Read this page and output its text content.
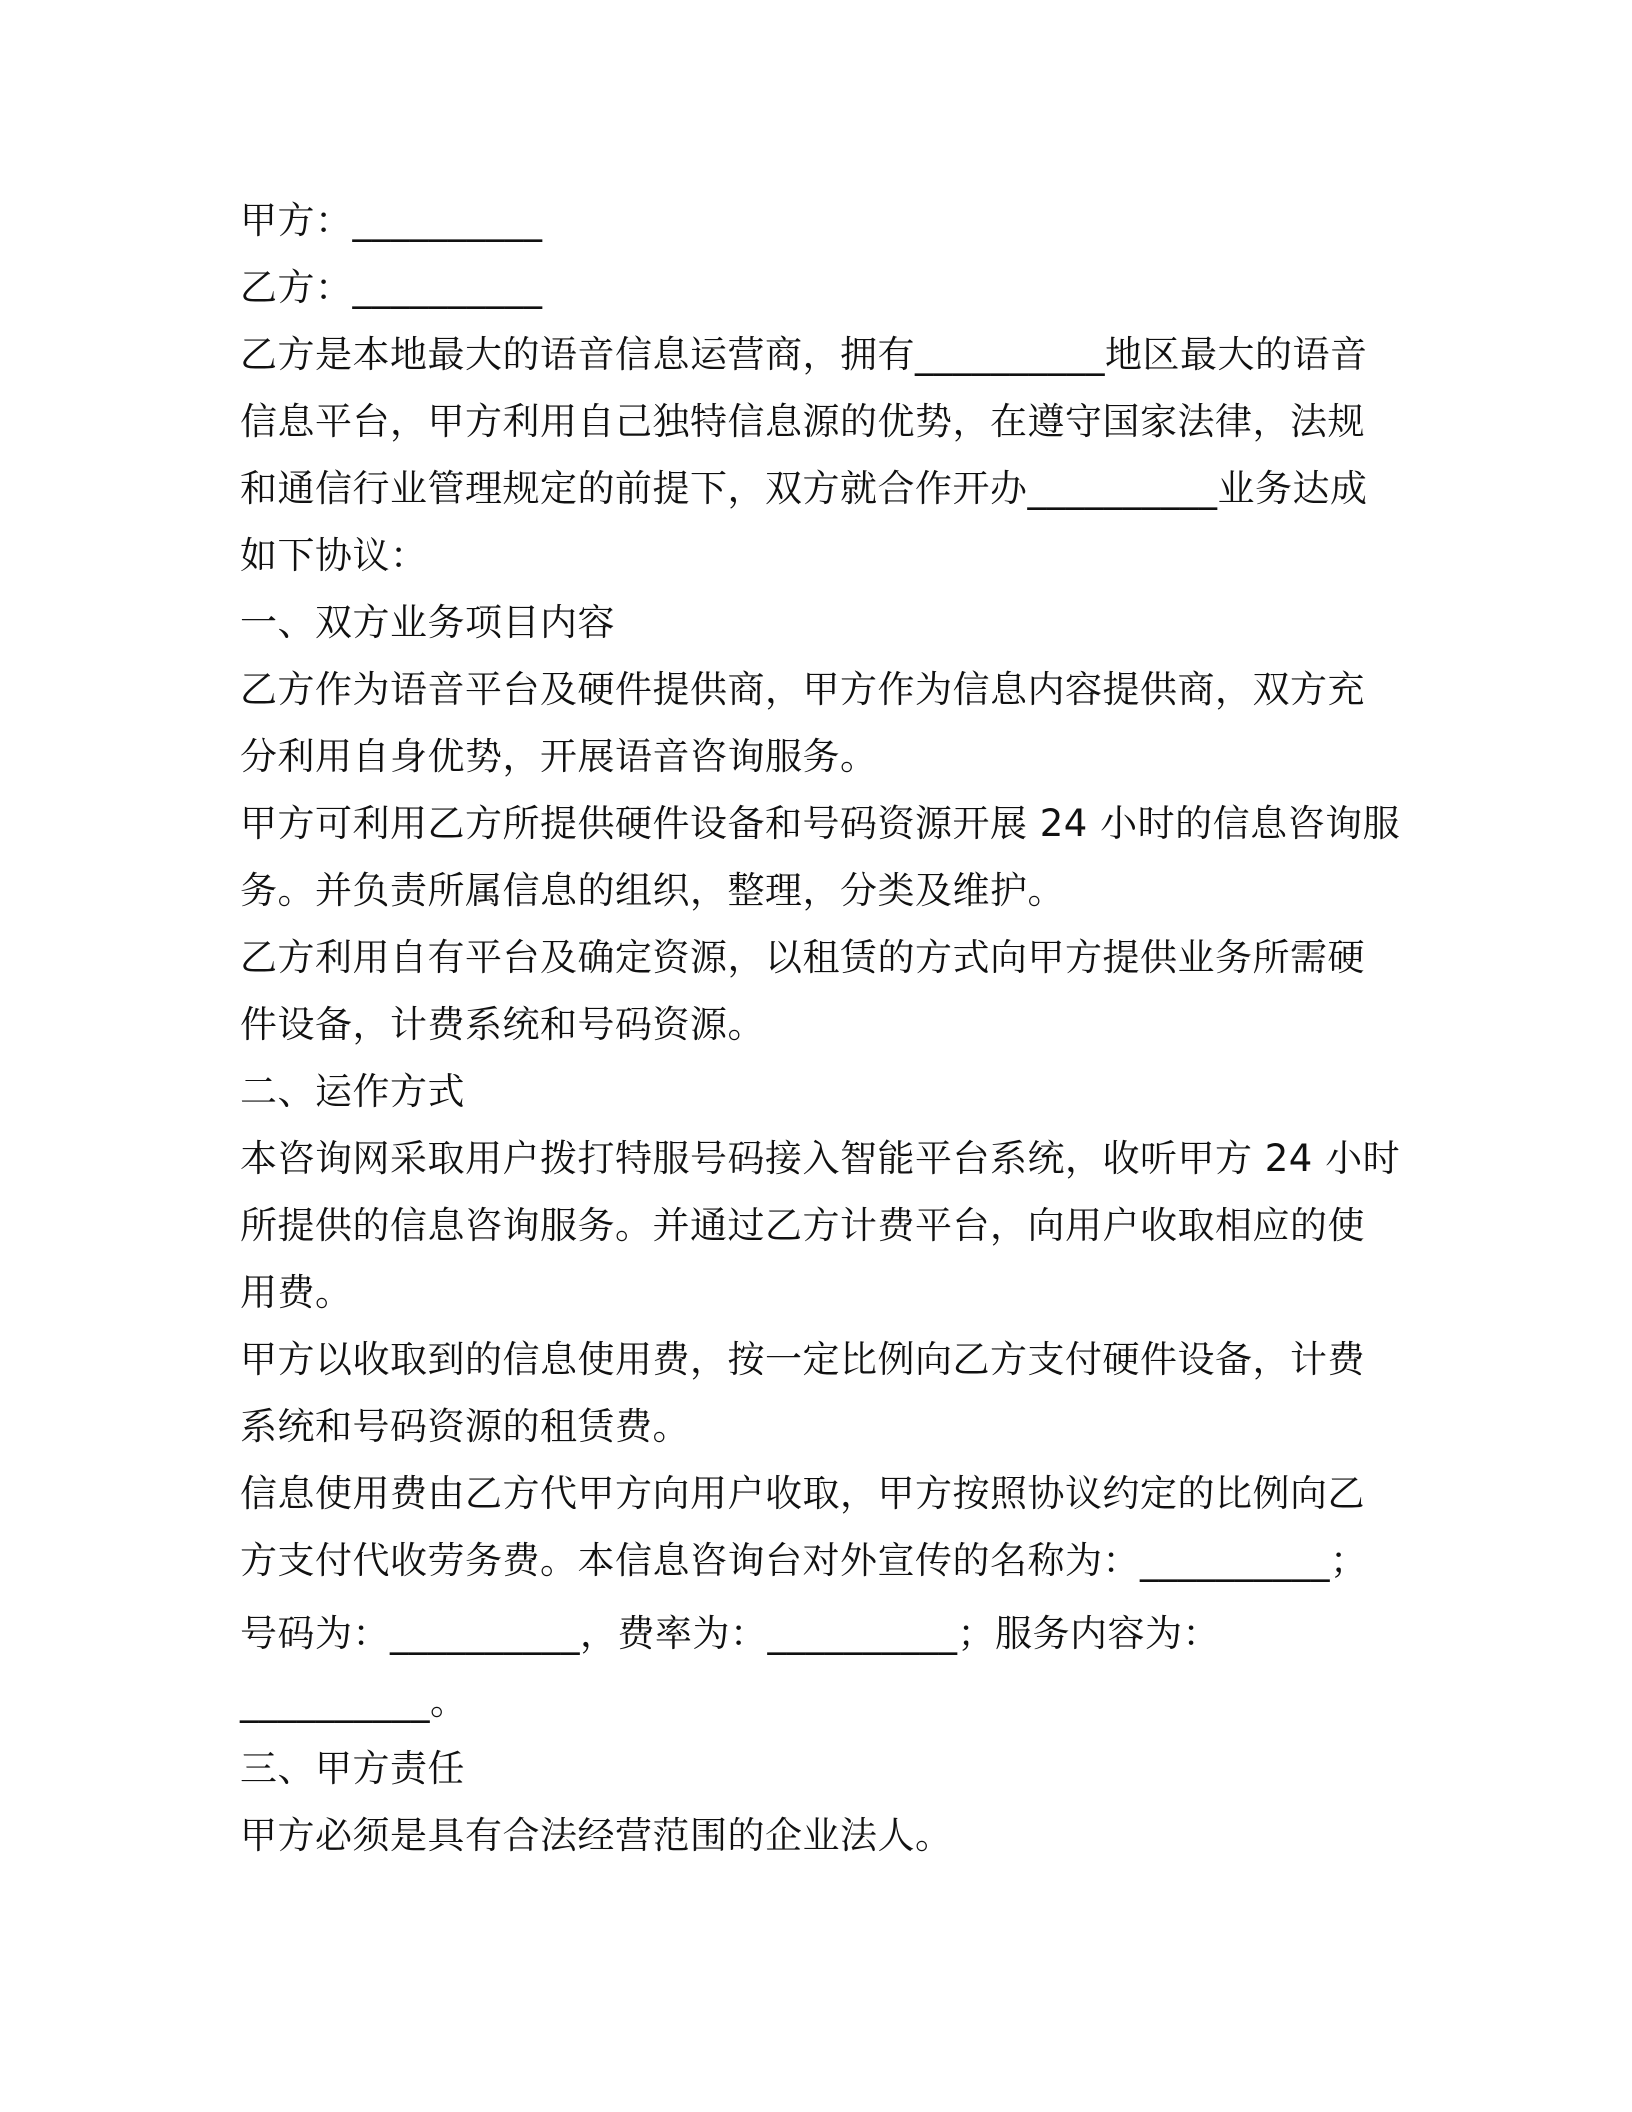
甲方：__________
乙方：__________
乙方是本地最大的语音信息运营商，拥有__________地区最大的语音
信息平台，甲方利用自己独特信息源的优势，在遵守国家法律，法规
和通信行业管理规定的前提下，双方就合作开办__________业务达成
如下协议：
一、双方业务项目内容
乙方作为语音平台及硬件提供商，甲方作为信息内容提供商，双方充
分利用自身优势，开展语音咨询服务。
甲方可利用乙方所提供硬件设备和号码资源开展 24 小时的信息咨询服
务。并负责所属信息的组织，整理，分类及维护。
乙方利用自有平台及确定资源，以租赁的方式向甲方提供业务所需硬
件设备，计费系统和号码资源。
二、运作方式
本咨询网采取用户拨打特服号码接入智能平台系统，收听甲方 24 小时
所提供的信息咨询服务。并通过乙方计费平台，向用户收取相应的使
用费。
甲方以收取到的信息使用费，按一定比例向乙方支付硬件设备，计费
系统和号码资源的租赁费。
信息使用费由乙方代甲方向用户收取，甲方按照协议约定的比例向乙
方支付代收劳务费。本信息咨询台对外宣传的名称为：__________；
号码为：__________，费率为：__________；服务内容为：
__________。
三、甲方责任
甲方必须是具有合法经营范围的企业法人。
